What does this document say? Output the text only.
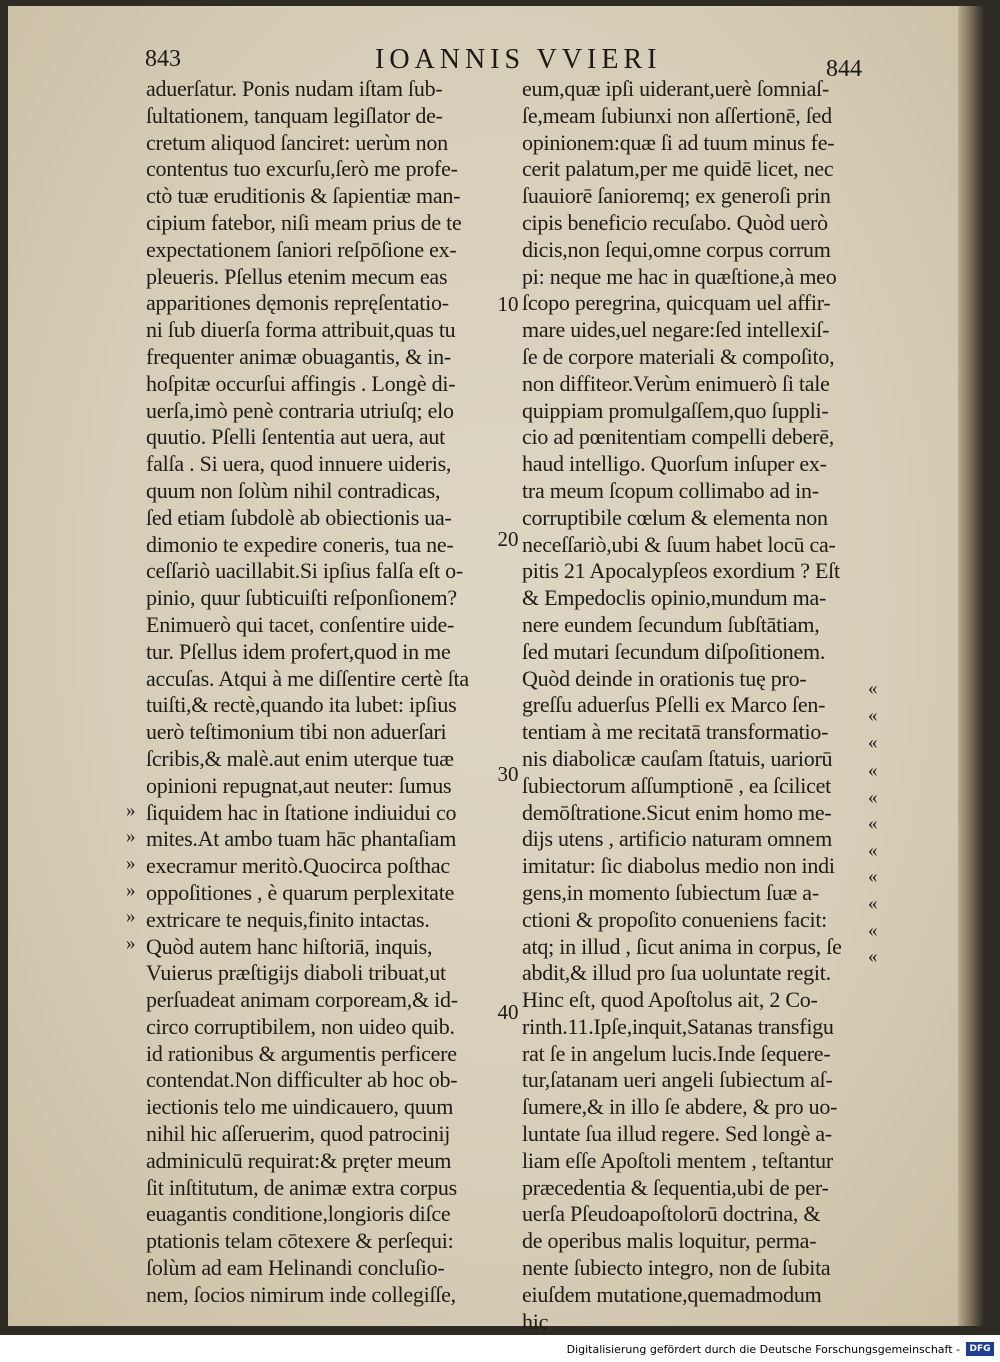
843	IOANNIS VVIERI	844
aduerſatur. Ponis nudam iſtam ſub-
ſultationem, tanquam legiſlator de-
cretum aliquod ſanciret: uerùm non
contentus tuo excurſu,ſerò me profe-
ctò tuæ eruditionis & ſapientiæ man-
cipium fatebor, niſi meam prius de te
expectationem ſaniori reſpōſione ex-
pleueris. Pſellus etenim mecum eas
apparitiones dęmonis repręſentatio-
ni ſub diuerſa forma attribuit,quas tu
frequenter animæ obuagantis, & in-
hoſpitæ occurſui affingis . Longè di-
uerſa,imò penè contraria utriuſq; elo
quutio. Pſelli ſententia aut uera, aut
falſa . Si uera, quod innuere uideris,
quum non ſolùm nihil contradicas,
ſed etiam ſubdolè ab obiectionis ua-
dimonio te expedire coneris, tua ne-
ceſſariò uacillabit.Si ipſius falſa eſt o-
pinio, quur ſubticuiſti reſponſionem?
Enimuerò qui tacet, conſentire uide-
tur. Pſellus idem profert,quod in me
accuſas. Atqui à me diſſentire certè ſta
tuiſti,& rectè,quando ita lubet: ipſius
uerò teſtimonium tibi non aduerſari
ſcribis,& malè.aut enim uterque tuæ
opinioni repugnat,aut neuter: ſumus
ſiquidem hac in ſtatione indiuidui co
mites.At ambo tuam hāc phantaſiam
execramur meritò.Quocirca poſthac
oppoſitiones , è quarum perplexitate
extricare te nequis,finito intactas.
Quòd autem hanc hiſtoriā, inquis,
Vuierus præſtigijs diaboli tribuat,ut
perſuadeat animam corpoream,& id-
circo corruptibilem, non uideo quib.
id rationibus & argumentis perficere
contendat.Non difficulter ab hoc ob-
iectionis telo me uindicauero, quum
nihil hic aſſeruerim, quod patrocinij
adminiculū requirat:& pręter meum
ſit inſtitutum, de animæ extra corpus
euagantis conditione,longioris diſce
ptationis telam cōtexere & perſequi:
ſolùm ad eam Helinandi concluſio-
nem, ſocios nimirum inde collegiſſe,
eum,quæ ipſi uiderant,uerè ſomniaſ-
ſe,meam ſubiunxi non aſſertionē, ſed
opinionem:quæ ſi ad tuum minus fe-
cerit palatum,per me quidē licet, nec
ſuauiorē ſanioremq; ex generoſi prin
cipis beneficio recuſabo. Quòd uerò
dicis,non ſequi,omne corpus corrum
pi: neque me hac in quæſtione,à meo
ſcopo peregrina, quicquam uel affir-
mare uides,uel negare:ſed intellexiſ-
ſe de corpore materiali & compoſito,
non diffiteor.Verùm enimuerò ſi tale
quippiam promulgaſſem,quo ſuppli-
cio ad pœnitentiam compelli deberē,
haud intelligo. Quorſum inſuper ex-
tra meum ſcopum collimabo ad in-
corruptibile cœlum & elementa non
neceſſariò,ubi & ſuum habet locū ca-
pitis 21 Apocalypſeos exordium ? Eſt
& Empedoclis opinio,mundum ma-
nere eundem ſecundum ſubſtātiam,
ſed mutari ſecundum diſpoſitionem.
Quòd deinde in orationis tuę pro-
greſſu aduerſus Pſelli ex Marco ſen-
tentiam à me recitatā transformatio-
nis diabolicæ cauſam ſtatuis, uariorū
ſubiectorum aſſumptionē , ea ſcilicet
demōſtratione.Sicut enim homo me-
dijs utens , artificio naturam omnem
imitatur: ſic diabolus medio non indi
gens,in momento ſubiectum ſuæ a-
ctioni & propoſito conueniens facit:
atq; in illud , ſicut anima in corpus, ſe
abdit,& illud pro ſua uoluntate regit.
Hinc eſt, quod Apoſtolus ait, 2 Co-
rinth.11.Ipſe,inquit,Satanas transfigu
rat ſe in angelum lucis.Inde ſequere-
tur,ſatanam ueri angeli ſubiectum aſ-
ſumere,& in illo ſe abdere, & pro uo-
luntate ſua illud regere. Sed longè a-
liam eſſe Apoſtoli mentem , teſtantur
præcedentia & ſequentia,ubi de per-
uerſa Pſeudoapoſtolorū doctrina, &
de operibus malis loquitur, perma-
nente ſubiecto integro, non de ſubita
eiuſdem mutatione,quemadmodum
hic
10
20
30
40
»
»
»
»
»
»
«
«
«
«
«
«
«
«
«
«
«
Digitalisierung gefördert durch die Deutsche Forschungsgemeinschaft -	DFG
